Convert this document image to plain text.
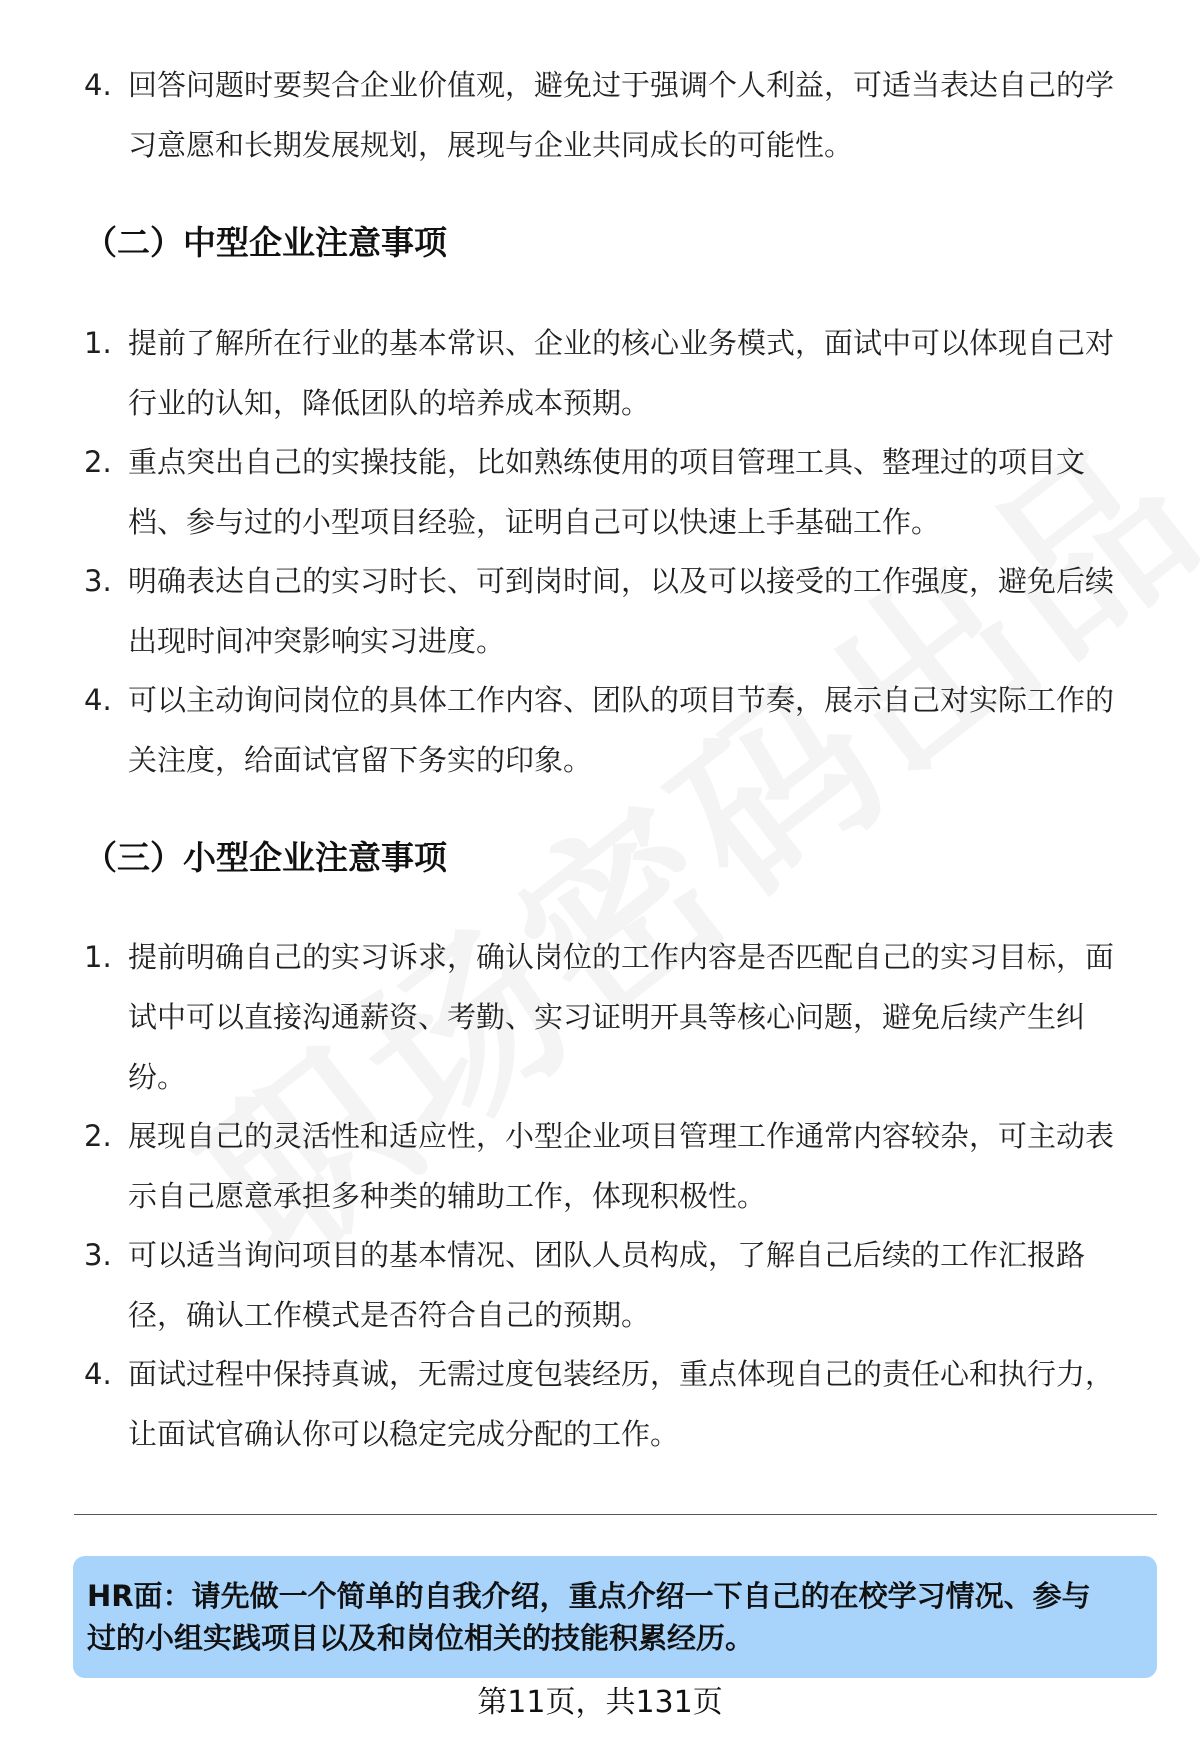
4. 回答问题时要契合企业价值观，避免过于强调个人利益，可适当表达自己的学
习意愿和长期发展规划，展现与企业共同成长的可能性。
（二）中型企业注意事项
1. 提前了解所在行业的基本常识、企业的核心业务模式，面试中可以体现自己对
行业的认知，降低团队的培养成本预期。
2. 重点突出自己的实操技能，比如熟练使用的项目管理工具、整理过的项目文
档、参与过的小型项目经验，证明自己可以快速上手基础工作。
3. 明确表达自己的实习时长、可到岗时间，以及可以接受的工作强度，避免后续
出现时间冲突影响实习进度。
4. 可以主动询问岗位的具体工作内容、团队的项目节奏，展示自己对实际工作的
关注度，给面试官留下务实的印象。
（三）小型企业注意事项
1. 提前明确自己的实习诉求，确认岗位的工作内容是否匹配自己的实习目标，面
试中可以直接沟通薪资、考勤、实习证明开具等核心问题，避免后续产生纠
纷。
2. 展现自己的灵活性和适应性，小型企业项目管理工作通常内容较杂，可主动表
示自己愿意承担多种类的辅助工作，体现积极性。
3. 可以适当询问项目的基本情况、团队人员构成，了解自己后续的工作汇报路
径，确认工作模式是否符合自己的预期。
4. 面试过程中保持真诚，无需过度包装经历，重点体现自己的责任心和执行力，
让面试官确认你可以稳定完成分配的工作。
HR面：请先做一个简单的自我介绍，重点介绍一下自己的在校学习情况、参与
过的小组实践项目以及和岗位相关的技能积累经历。
第11页，共131页
